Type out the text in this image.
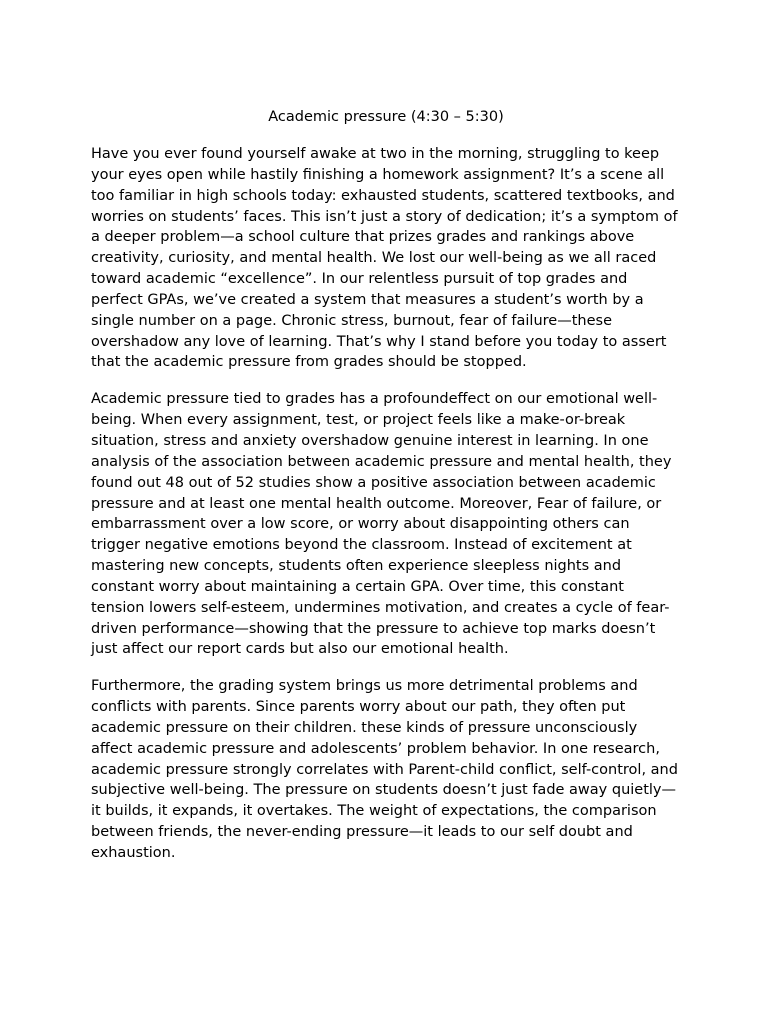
Academic pressure (4:30 – 5:30)

Have you ever found yourself awake at two in the morning, struggling to keep your eyes open while hastily finishing a homework assignment? It’s a scene all too familiar in high schools today: exhausted students, scattered textbooks, and worries on students’ faces. This isn’t just a story of dedication; it’s a symptom of a deeper problem—a school culture that prizes grades and rankings above creativity, curiosity, and mental health. We lost our well-being as we all raced toward academic “excellence”. In our relentless pursuit of top grades and perfect GPAs, we’ve created a system that measures a student’s worth by a single number on a page. Chronic stress, burnout, fear of failure—these overshadow any love of learning. That’s why I stand before you today to assert that the academic pressure from grades should be stopped.

Academic pressure tied to grades has a profoundeffect on our emotional well-being. When every assignment, test, or project feels like a make-or-break situation, stress and anxiety overshadow genuine interest in learning. In one analysis of the association between academic pressure and mental health, they found out 48 out of 52 studies show a positive association between academic pressure and at least one mental health outcome. Moreover, Fear of failure, or embarrassment over a low score, or worry about disappointing others can trigger negative emotions beyond the classroom. Instead of excitement at mastering new concepts, students often experience sleepless nights and constant worry about maintaining a certain GPA. Over time, this constant tension lowers self-esteem, undermines motivation, and creates a cycle of fear-driven performance—showing that the pressure to achieve top marks doesn’t just affect our report cards but also our emotional health.

Furthermore, the grading system brings us more detrimental problems and conflicts with parents. Since parents worry about our path, they often put academic pressure on their children. these kinds of pressure unconsciously affect academic pressure and adolescents’ problem behavior. In one research, academic pressure strongly correlates with Parent-child conflict, self-control, and subjective well-being. The pressure on students doesn’t just fade away quietly—it builds, it expands, it overtakes. The weight of expectations, the comparison between friends, the never-ending pressure—it leads to our self doubt and exhaustion.
